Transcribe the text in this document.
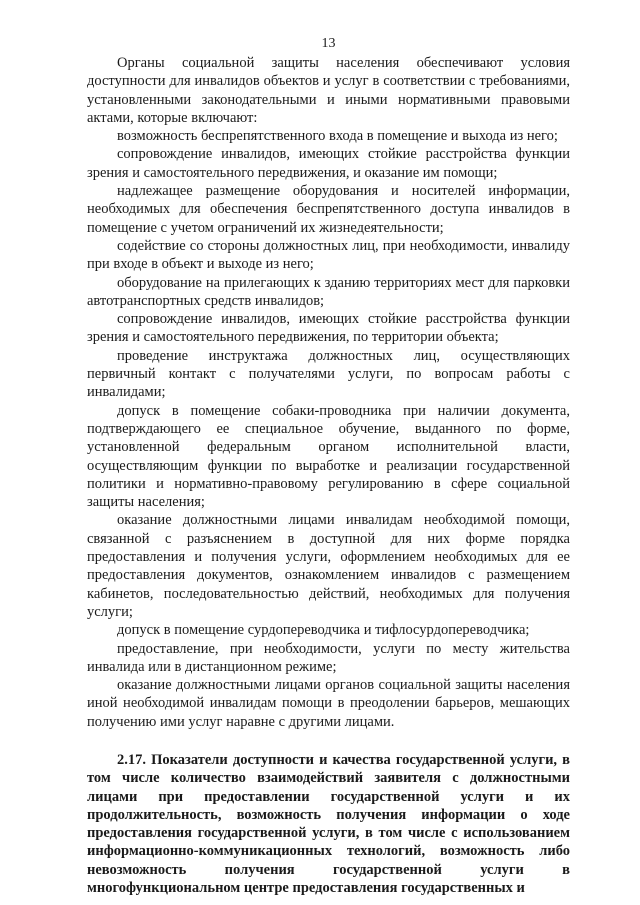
13

Органы социальной защиты населения обеспечивают условия доступности для инвалидов объектов и услуг в соответствии с требованиями, установленными законодательными и иными нормативными правовыми актами, которые включают:

возможность беспрепятственного входа в помещение и выхода из него;

сопровождение инвалидов, имеющих стойкие расстройства функции зрения и самостоятельного передвижения, и оказание им помощи;

надлежащее размещение оборудования и носителей информации, необходимых для обеспечения беспрепятственного доступа инвалидов в помещение с учетом ограничений их жизнедеятельности;

содействие со стороны должностных лиц, при необходимости, инвалиду при входе в объект и выходе из него;

оборудование на прилегающих к зданию территориях мест для парковки автотранспортных средств инвалидов;

сопровождение инвалидов, имеющих стойкие расстройства функции зрения и самостоятельного передвижения, по территории объекта;

проведение инструктажа должностных лиц, осуществляющих первичный контакт с получателями услуги, по вопросам работы с инвалидами;

допуск в помещение собаки-проводника при наличии документа, подтверждающего ее специальное обучение, выданного по форме, установленной федеральным органом исполнительной власти, осуществляющим функции по выработке и реализации государственной политики и нормативно-правовому регулированию в сфере социальной защиты населения;

оказание должностными лицами инвалидам необходимой помощи, связанной с разъяснением в доступной для них форме порядка предоставления и получения услуги, оформлением необходимых для ее предоставления документов, ознакомлением инвалидов с размещением кабинетов, последовательностью действий, необходимых для получения услуги;

допуск в помещение сурдопереводчика и тифлосурдопереводчика;

предоставление, при необходимости, услуги по месту жительства инвалида или в дистанционном режиме;

оказание должностными лицами органов социальной защиты населения иной необходимой инвалидам помощи в преодолении барьеров, мешающих получению ими услуг наравне с другими лицами.

2.17. Показатели доступности и качества государственной услуги, в том числе количество взаимодействий заявителя с должностными лицами при предоставлении государственной услуги и их продолжительность, возможность получения информации о ходе предоставления государственной услуги, в том числе с использованием информационно-коммуникационных технологий, возможность либо невозможность получения государственной услуги в многофункциональном центре предоставления государственных и
